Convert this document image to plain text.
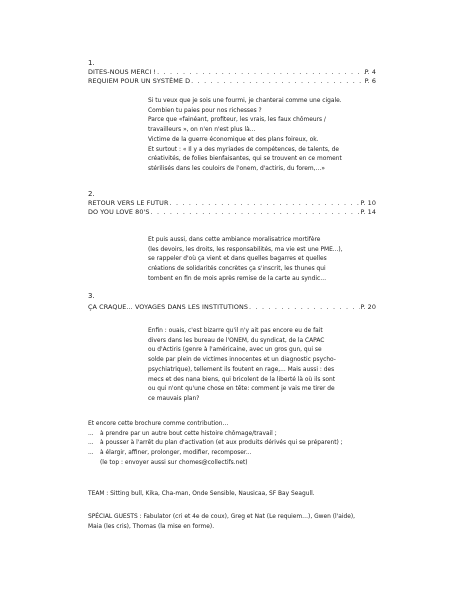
1.
DITES-NOUS MERCI ! . . .	P. 4
REQUIEM POUR UN SYSTÈME D . . .	P. 6
Si tu veux que je sois une fourmi, je chanterai comme une cigale.
Combien tu paies pour nos richesses ?
Parce que «fainéant, profiteur, les vrais, les faux chômeurs /
travailleurs », on n'en n'est plus là…
Victime de la guerre économique et des plans foireux, ok.
Et surtout : « Il y a des myriades de compétences, de talents, de
créativités, de folies bienfaisantes, qui se trouvent en ce moment
stérilisés dans les couloirs de l'onem, d'actiris, du forem,…»
2.
RETOUR VERS LE FUTUR . . .	P. 10
DO YOU LOVE 80'S . . .	P. 14
Et puis aussi, dans cette ambiance moralisatrice mortifère
(les devoirs, les droits, les responsabilités, ma vie est une PME...),
se rappeler d'où ça vient et dans quelles bagarres et quelles
créations de solidarités concrètes ça s'inscrit, les thunes qui
tombent en fin de mois après remise de la carte au syndic…
3.
ÇA CRAQUE... VOYAGES DANS LES INSTITUTIONS . . .	P. 20
Enfin : ouais, c'est bizarre qu'il n'y ait pas encore eu de fait
divers dans les bureau de l'ONEM, du syndicat, de la CAPAC
ou d'Actiris (genre à l'américaine, avec un gros gun, qui se
solde par plein de victimes innocentes et un diagnostic psycho-
psychiatrique), tellement ils foutent en rage,... Mais aussi : des
mecs et des nana biens, qui bricolent de la liberté là où ils sont
ou qui n'ont qu'une chose en tête: comment je vais me tirer de
ce mauvais plan?
Et encore cette brochure comme contribution…
... à prendre par un autre bout cette histoire chômage/travail ;
... à pousser à l'arrêt du plan d'activation (et aux produits dérivés qui se préparent) ;
... à élargir, affiner, prolonger, modifier, recomposer...
(le top : envoyer aussi sur chomes@collectifs.net)
TEAM : Sitting bull, Kika, Cha-man, Onde Sensible, Nausicaa, SF Bay Seagull.
SPÉCIAL GUESTS : Fabulator (cri et 4e de coux), Greg et Nat (Le requiem…), Gwen (l'aide),
Maia (les cris), Thomas (la mise en forme).
